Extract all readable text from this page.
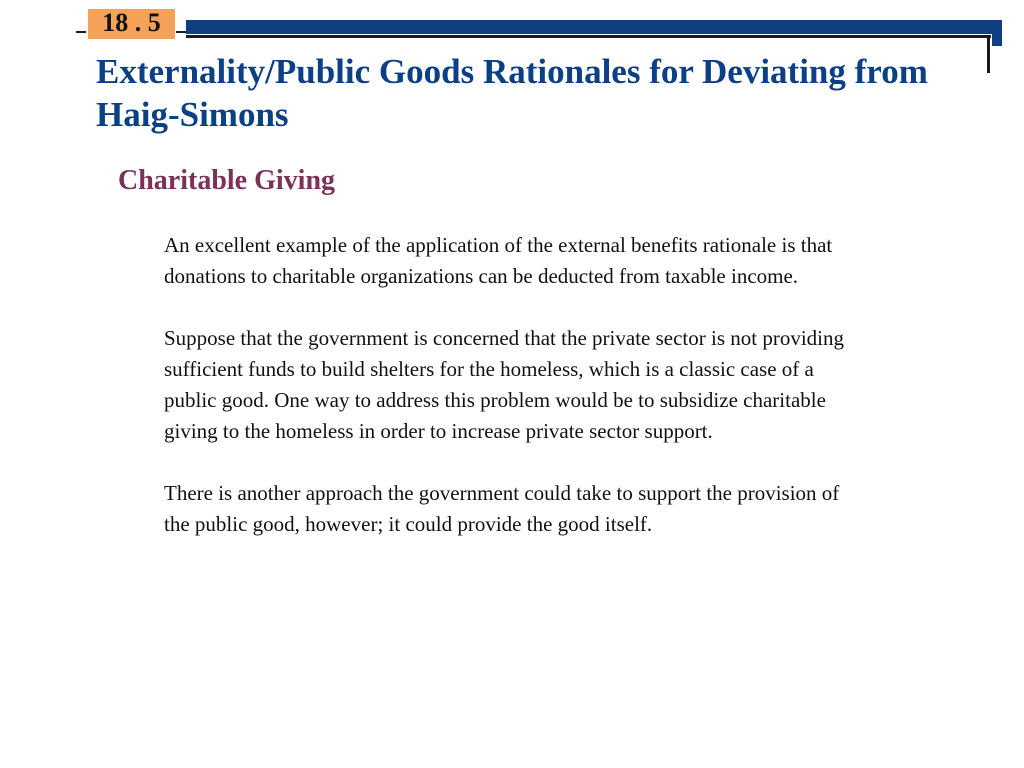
18 . 5
Externality/Public Goods Rationales for Deviating from Haig-Simons
Charitable Giving

An excellent example of the application of the external benefits rationale is that donations to charitable organizations can be deducted from taxable income.

Suppose that the government is concerned that the private sector is not providing sufficient funds to build shelters for the homeless, which is a classic case of a public good. One way to address this problem would be to subsidize charitable giving to the homeless in order to increase private sector support.

There is another approach the government could take to support the provision of the public good, however; it could provide the good itself.
